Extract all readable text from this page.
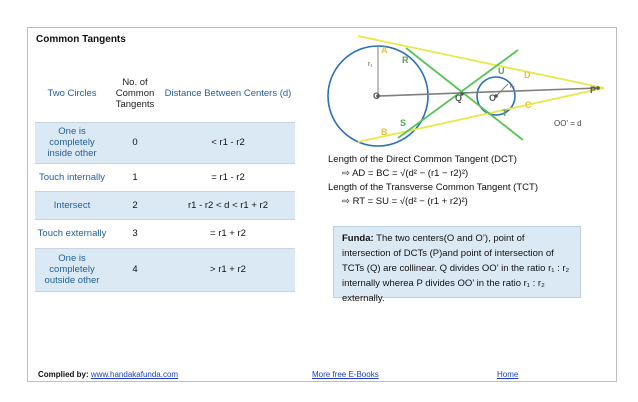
Common Tangents
Two Circles	No. of Common Tangents	Distance Between Centers (d)
One is completely inside other	0	< r1 - r2
Touch internally	1	= r1 - r2
Intersect	2	r1 - r2 < d < r1 + r2
Touch externally	3	= r1 + r2
One is completely outside other	4	> r1 + r2
A
R
O
B
S
Q
U D
O'
T
C
P
r₁
r₂
OO' = d
Length of the Direct Common Tangent (DCT)
⇨ AD = BC = √(d² − (r1 − r2)²)
Length of the Transverse Common Tangent (TCT)
⇨ RT = SU = √(d² − (r1 + r2)²)
Funda: The two centers(O and O’), point of intersection of DCTs (P)and point of intersection of TCTs (Q) are collinear. Q divides OO’ in the ratio r₁ : r₂ internally wherea P divides OO’ in the ratio r₁ : r₂ externally.
Complied by: www.handakafunda.com	More free E-Books	Home
